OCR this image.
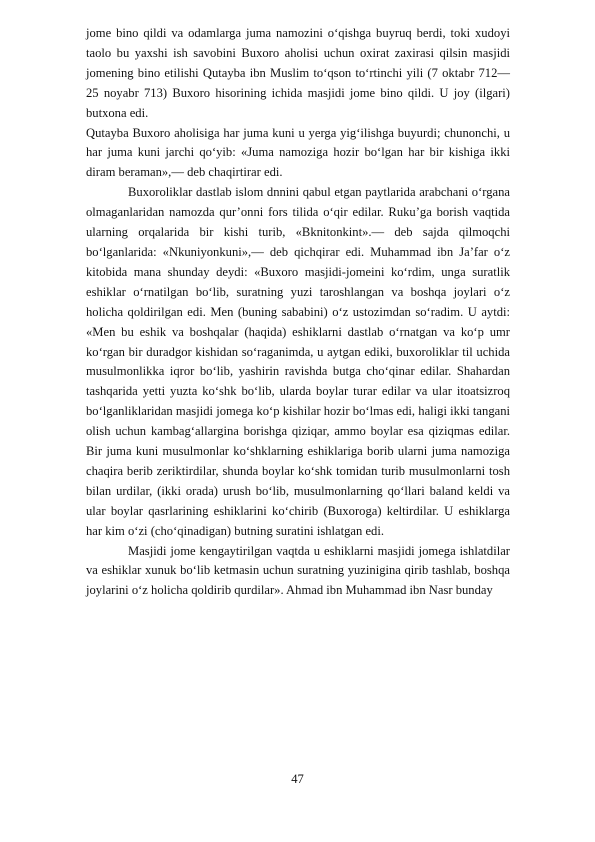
jome bino qildi va odamlarga juma namozini o‘qishga buyruq berdi, toki xudoyi taolo bu yaxshi ish savobini Buxoro aholisi uchun oxirat zaxirasi qilsin masjidi jomening bino etilishi Qutayba ibn Muslim to‘qson to‘rtinchi yili (7 oktabr 712—25 noyabr 713) Buxoro hisorining ichida masjidi jome bino qildi. U joy (ilgari) butxona edi.

Qutayba Buxoro aholisiga har juma kuni u yerga yig‘ilishga buyurdi; chunonchi, u har juma kuni jarchi qo‘yib: «Juma namoziga hozir bo‘lgan har bir kishiga ikki diram beraman»,— deb chaqirtirar edi.

Buxoroliklar dastlab islom dnnini qabul etgan paytlarida arabchani o‘rgana olmaganlaridan namozda qur’onni fors tilida o‘qir edilar. Ruku’ga borish vaqtida ularning orqalarida bir kishi turib, «Bknitonkint».— deb sajda qilmoqchi bo‘lganlarida: «Nkuniyonkuni»,— deb qichqirar edi. Muhammad ibn Ja’far o‘z kitobida mana shunday deydi: «Buxoro masjidi-jomeini ko‘rdim, unga suratlik eshiklar o‘rnatilgan bo‘lib, suratning yuzi taroshlangan va boshqa joylari o‘z holicha qoldirilgan edi. Men (buning sababini) o‘z ustozimdan so‘radim. U aytdi: «Men bu eshik va boshqalar (haqida) eshiklarni dastlab o‘rnatgan va ko‘p umr ko‘rgan bir duradgor kishidan so‘raganimda, u aytgan ediki, buxoroliklar til uchida musulmonlikka iqror bo‘lib, yashirin ravishda butga cho‘qinar edilar. Shahardan tashqarida yetti yuzta ko‘shk bo‘lib, ularda boylar turar edilar va ular itoatsizroq bo‘lganliklaridan masjidi jomega ko‘p kishilar hozir bo‘lmas edi, haligi ikki tangani olish uchun kambag‘allargina borishga qiziqar, ammo boylar esa qiziqmas edilar. Bir juma kuni musulmonlar ko‘shklarning eshiklariga borib ularni juma namoziga chaqira berib zeriktirdilar, shunda boylar ko‘shk tomidan turib musulmonlarni tosh bilan urdilar, (ikki orada) urush bo‘lib, musulmonlarning qo‘llari baland keldi va ular boylar qasrlarining eshiklarini ko‘chirib (Buxoroga) keltirdilar. U eshiklarga har kim o‘zi (cho‘qinadigan) butning suratini ishlatgan edi.

Masjidi jome kengaytirilgan vaqtda u eshiklarni masjidi jomega ishlatdilar va eshiklar xunuk bo‘lib ketmasin uchun suratning yuzinigina qirib tashlab, boshqa joylarini o‘z holicha qoldirib qurdilar». Ahmad ibn Muhammad ibn Nasr bunday

47
